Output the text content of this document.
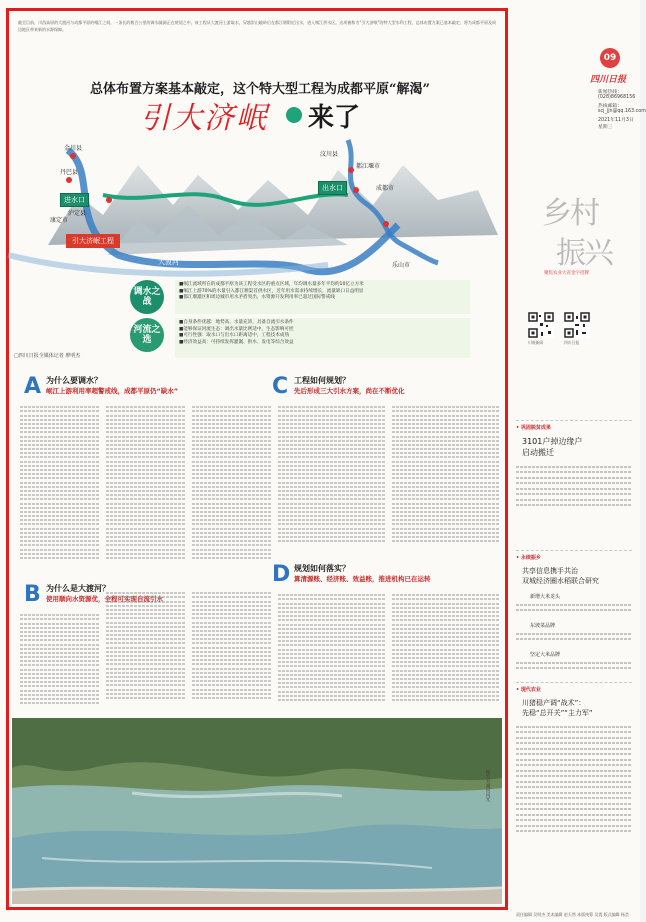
截至目前，川西高原的大渡河与成都平原的岷江之间，一条长约数百公里的调水隧洞正在规划之中。该工程从大渡河上游取水，穿越崇山峻岭后在都江堰附近出水，进入岷江供水区。这项被称为“引大济岷”的特大型水利工程，总体布置方案已基本敲定，将为成都平原及周边地区带来新的水源保障。
总体布置方案基本敲定，这个特大型工程为成都平原“解渴”
引大济岷 来了
金川县
丹巴县
进水口
泸定县
康定市
汶川县
都江堰市
出水口	成都市
乐山市
大渡河
引大济岷工程
调水之战
■岷江流域所在的成都平原为该工程受水区的重点区域，年均调水量多年平均约10亿立方米
■岷江上游70%的水量引入都江堰渠首供水区，近年用水需求持续增长，流量缺口日益明显
■都江堰灌区和周边城市用水矛盾突出，水资源开发利用率已超过国际警戒线
河流之选
■自身条件优越：地势高、水量充沛，具备自流引水条件
■能够保证河流生态：调出水量比例适中，生态影响可控
■可行性强：取水口与出水口距离适中，工程技术成熟
■经济效益高：可持续发挥灌溉、供水、发电等综合效益
□四川日报全媒体记者 廖明杰
A 为什么要调水？
岷江上游利用率超警戒线，成都平原仍“缺水”	C 工程如何规划？
先后形成三大引水方案，尚在不断优化
B 为什么是大渡河？
使用顺向水资源优，全程可实现自流引水
D 规划如何落实？
算清源账、经济账、效益账，推进机构已在运转
图为大渡河风光
09
四川日报
新闻热线：
(028)86968156
热线邮箱：
scj_jjn@qq.163.com
2021年11月3日
星期三
乡村
振兴
聚焦农业大省金字招牌
川观新闻	四川日报
• 巩固脱贫成果
3101户掉边缘户
启动搬迁
• 永续振乡
共享信息携手共治
双城经济圈水稻联合研究
新增大米龙头
东坡菜品牌
坚定大米品牌
• 现代农业
川猪稳产调“战术”：
先稳“总开关”“主力军”
责任编辑 吴明杰 美术编辑 赵天然 本版统筹 吴震 版式编辑 杨芸
